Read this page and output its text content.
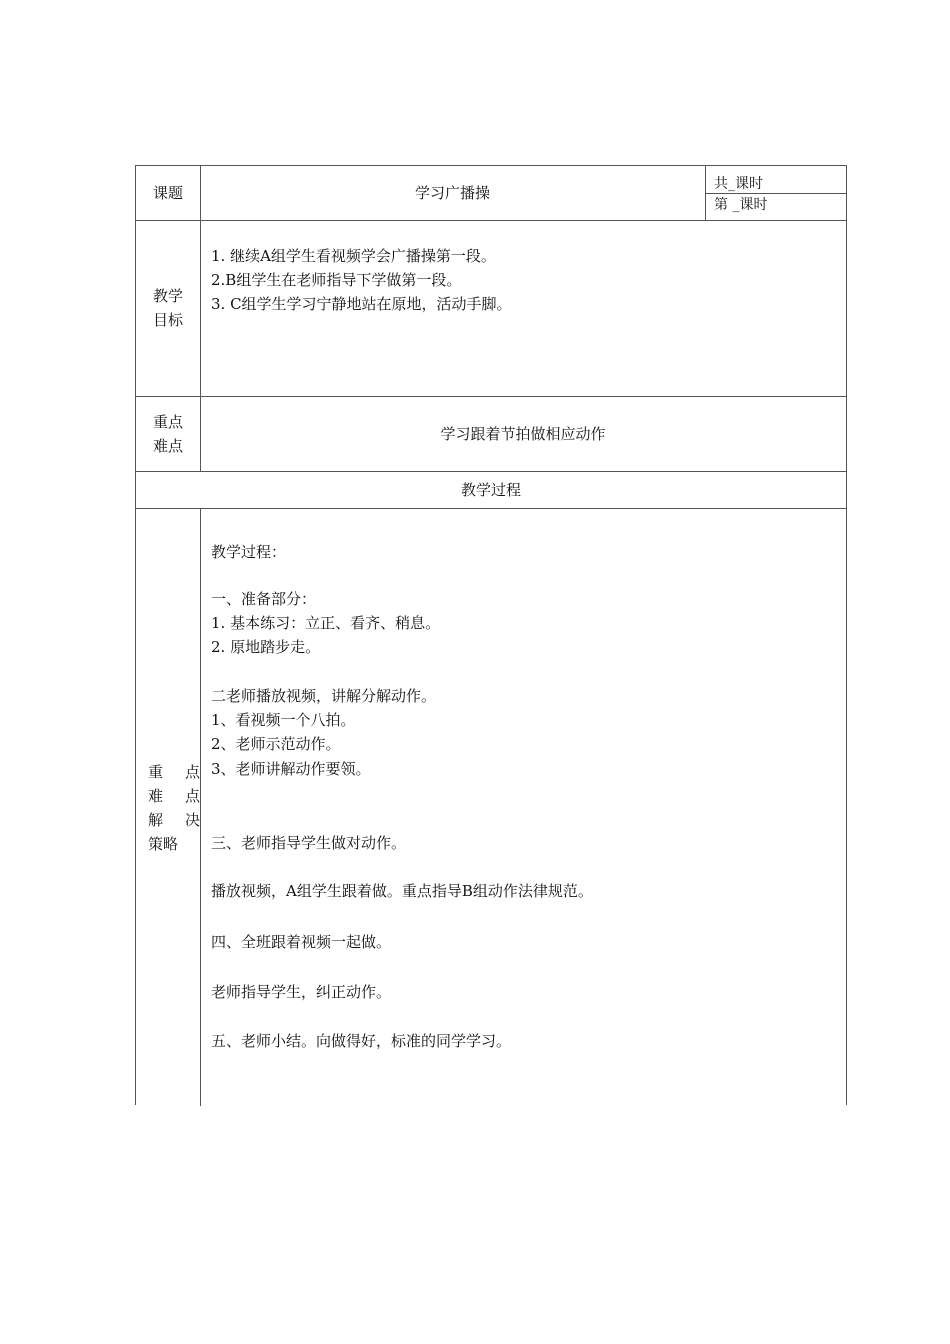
课题	学习广播操	共_课时
第 _课时
教学
目标
1. 继续A组学生看视频学会广播操第一段。
2.B组学生在老师指导下学做第一段。
3. C组学生学习宁静地站在原地，活动手脚。
重点
难点
学习跟着节拍做相应动作
教学过程
重 点
难 点
解 决
策略
教学过程：
一、准备部分：
1. 基本练习：立正、看齐、稍息。
2. 原地踏步走。
二老师播放视频，讲解分解动作。
1、看视频一个八拍。
2、老师示范动作。
3、老师讲解动作要领。
三、老师指导学生做对动作。
播放视频，A组学生跟着做。重点指导B组动作法律规范。
四、全班跟着视频一起做。
老师指导学生，纠正动作。
五、老师小结。向做得好，标准的同学学习。
